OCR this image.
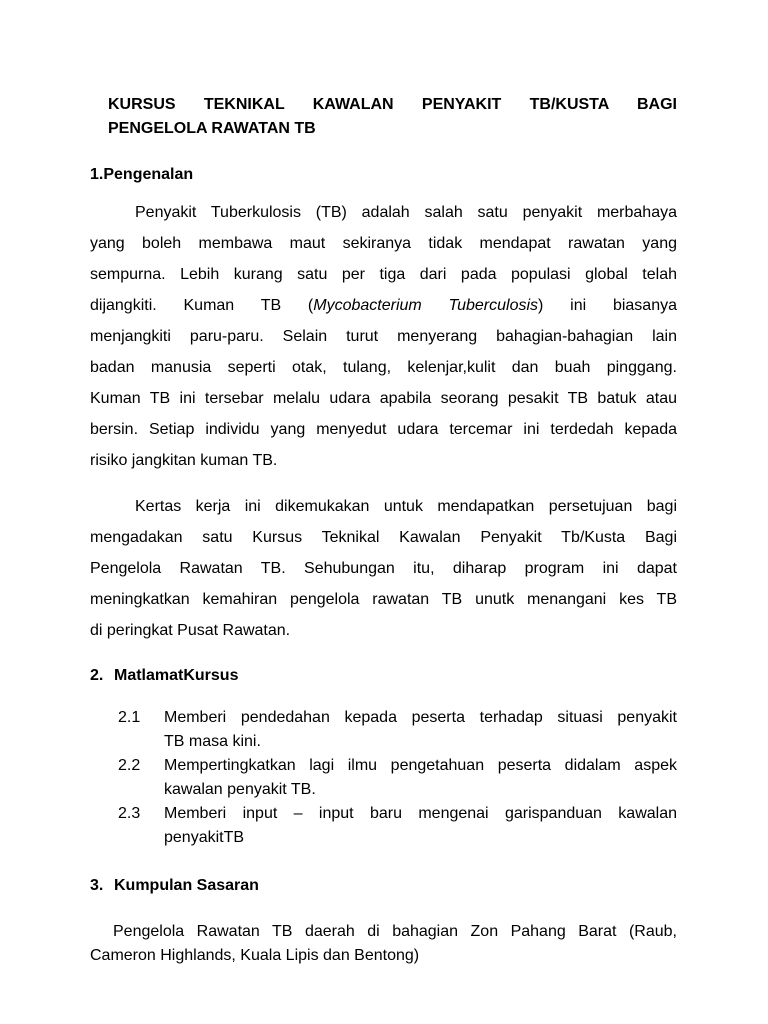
KURSUS TEKNIKAL KAWALAN PENYAKIT TB/KUSTA BAGI
PENGELOLA RAWATAN TB
1.Pengenalan

Penyakit Tuberkulosis (TB) adalah salah satu penyakit merbahaya
yang boleh membawa maut sekiranya tidak mendapat rawatan yang
sempurna. Lebih kurang satu per tiga dari pada populasi global telah
dijangkiti. Kuman TB (Mycobacterium Tuberculosis) ini biasanya
menjangkiti paru-paru. Selain turut menyerang bahagian-bahagian lain
badan manusia seperti otak, tulang, kelenjar,kulit dan buah pinggang.
Kuman TB ini tersebar melalu udara apabila seorang pesakit TB batuk atau
bersin. Setiap individu yang menyedut udara tercemar ini terdedah kepada
risiko jangkitan kuman TB.

Kertas kerja ini dikemukakan untuk mendapatkan persetujuan bagi
mengadakan satu Kursus Teknikal Kawalan Penyakit Tb/Kusta Bagi
Pengelola Rawatan TB. Sehubungan itu, diharap program ini dapat
meningkatkan kemahiran pengelola rawatan TB unutk menangani kes TB
di peringkat Pusat Rawatan.

2. MatlamatKursus
2.1	Memberi pendedahan kepada peserta terhadap situasi penyakit
TB masa kini.
2.2	Mempertingkatkan lagi ilmu pengetahuan peserta didalam aspek
kawalan penyakit TB.
2.3	Memberi input – input baru mengenai garispanduan kawalan
penyakitTB
3. Kumpulan Sasaran

Pengelola Rawatan TB daerah di bahagian Zon Pahang Barat (Raub,
Cameron Highlands, Kuala Lipis dan Bentong)
